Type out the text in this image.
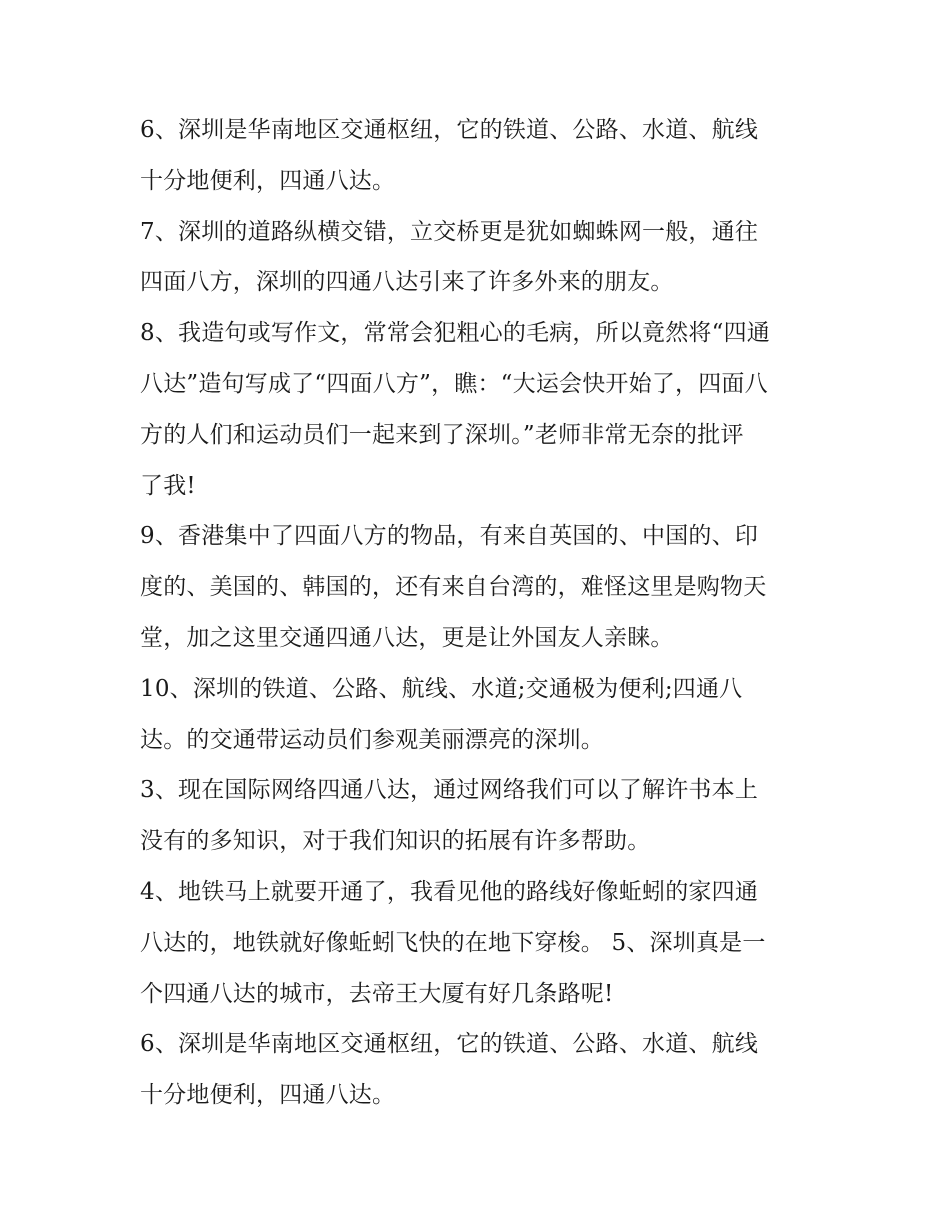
6、深圳是华南地区交通枢纽，它的铁道、公路、水道、航线
十分地便利，四通八达。
7、深圳的道路纵横交错，立交桥更是犹如蜘蛛网一般，通往
四面八方，深圳的四通八达引来了许多外来的朋友。
8、我造句或写作文，常常会犯粗心的毛病，所以竟然将“四通
八达”造句写成了“四面八方”，瞧：“大运会快开始了，四面八
方的人们和运动员们一起来到了深圳。”老师非常无奈的批评
了我!
9、香港集中了四面八方的物品，有来自英国的、中国的、印
度的、美国的、韩国的，还有来自台湾的，难怪这里是购物天
堂，加之这里交通四通八达，更是让外国友人亲睐。
10、深圳的铁道、公路、航线、水道;交通极为便利;四通八
达。的交通带运动员们参观美丽漂亮的深圳。
3、现在国际网络四通八达，通过网络我们可以了解许书本上
没有的多知识，对于我们知识的拓展有许多帮助。
4、地铁马上就要开通了，我看见他的路线好像蚯蚓的家四通
八达的，地铁就好像蚯蚓飞快的在地下穿梭。 5、深圳真是一
个四通八达的城市，去帝王大厦有好几条路呢!
6、深圳是华南地区交通枢纽，它的铁道、公路、水道、航线
十分地便利，四通八达。
